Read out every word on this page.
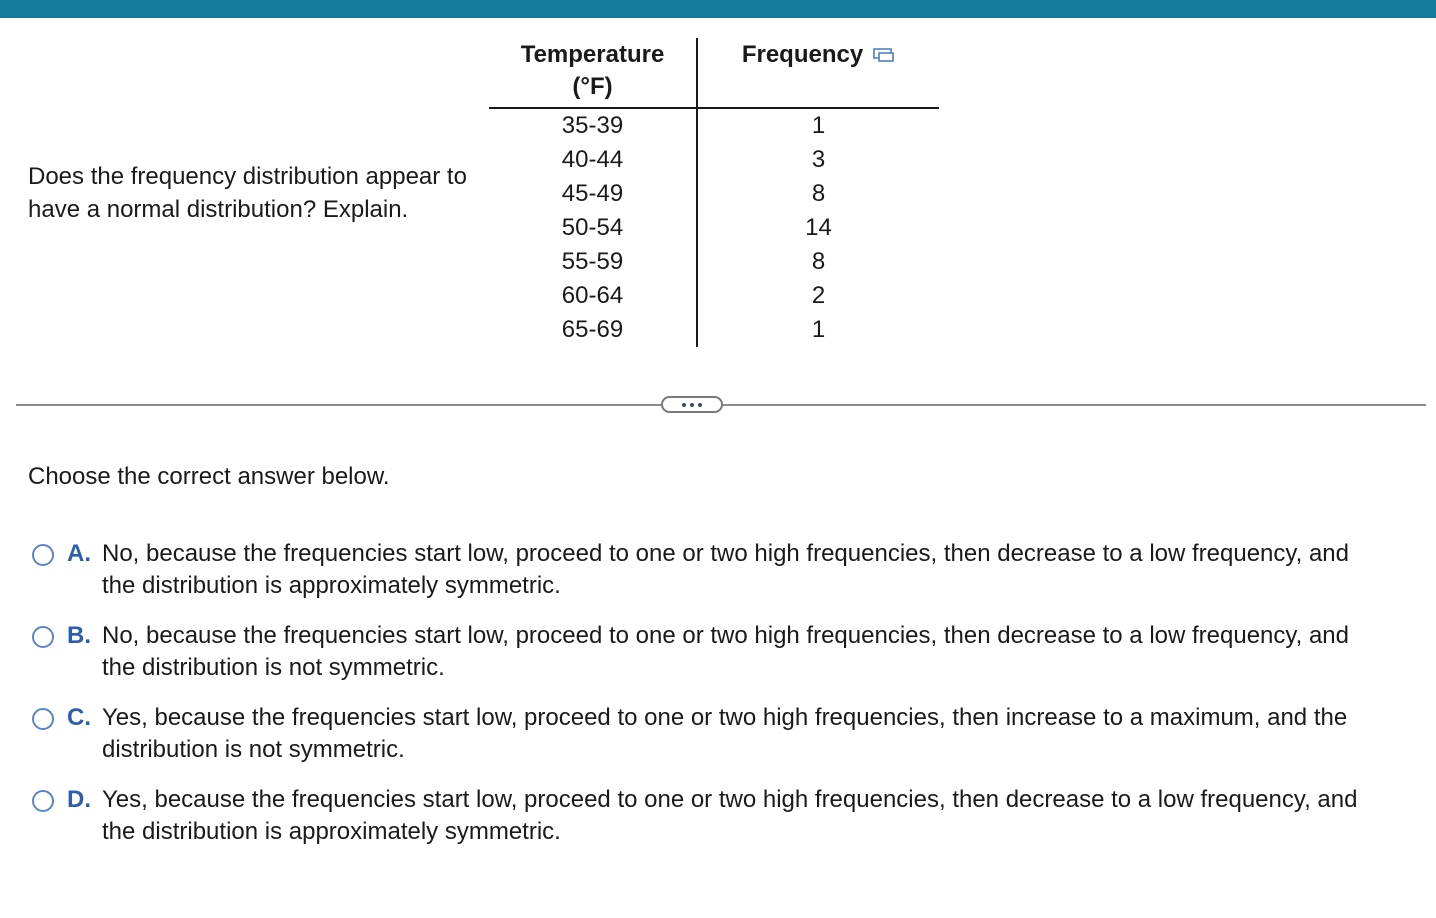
Does the frequency distribution appear to have a normal distribution? Explain.
Temperature
(°F)	Frequency

35-39	1
40-44	3
45-49	8
50-54	14
55-59	8
60-64	2
65-69	1
Choose the correct answer below.
A. No, because the frequencies start low, proceed to one or two high frequencies, then decrease to a low frequency, and the distribution is approximately symmetric.
B. No, because the frequencies start low, proceed to one or two high frequencies, then decrease to a low frequency, and the distribution is not symmetric.
C. Yes, because the frequencies start low, proceed to one or two high frequencies, then increase to a maximum, and the distribution is not symmetric.
D. Yes, because the frequencies start low, proceed to one or two high frequencies, then decrease to a low frequency, and the distribution is approximately symmetric.
